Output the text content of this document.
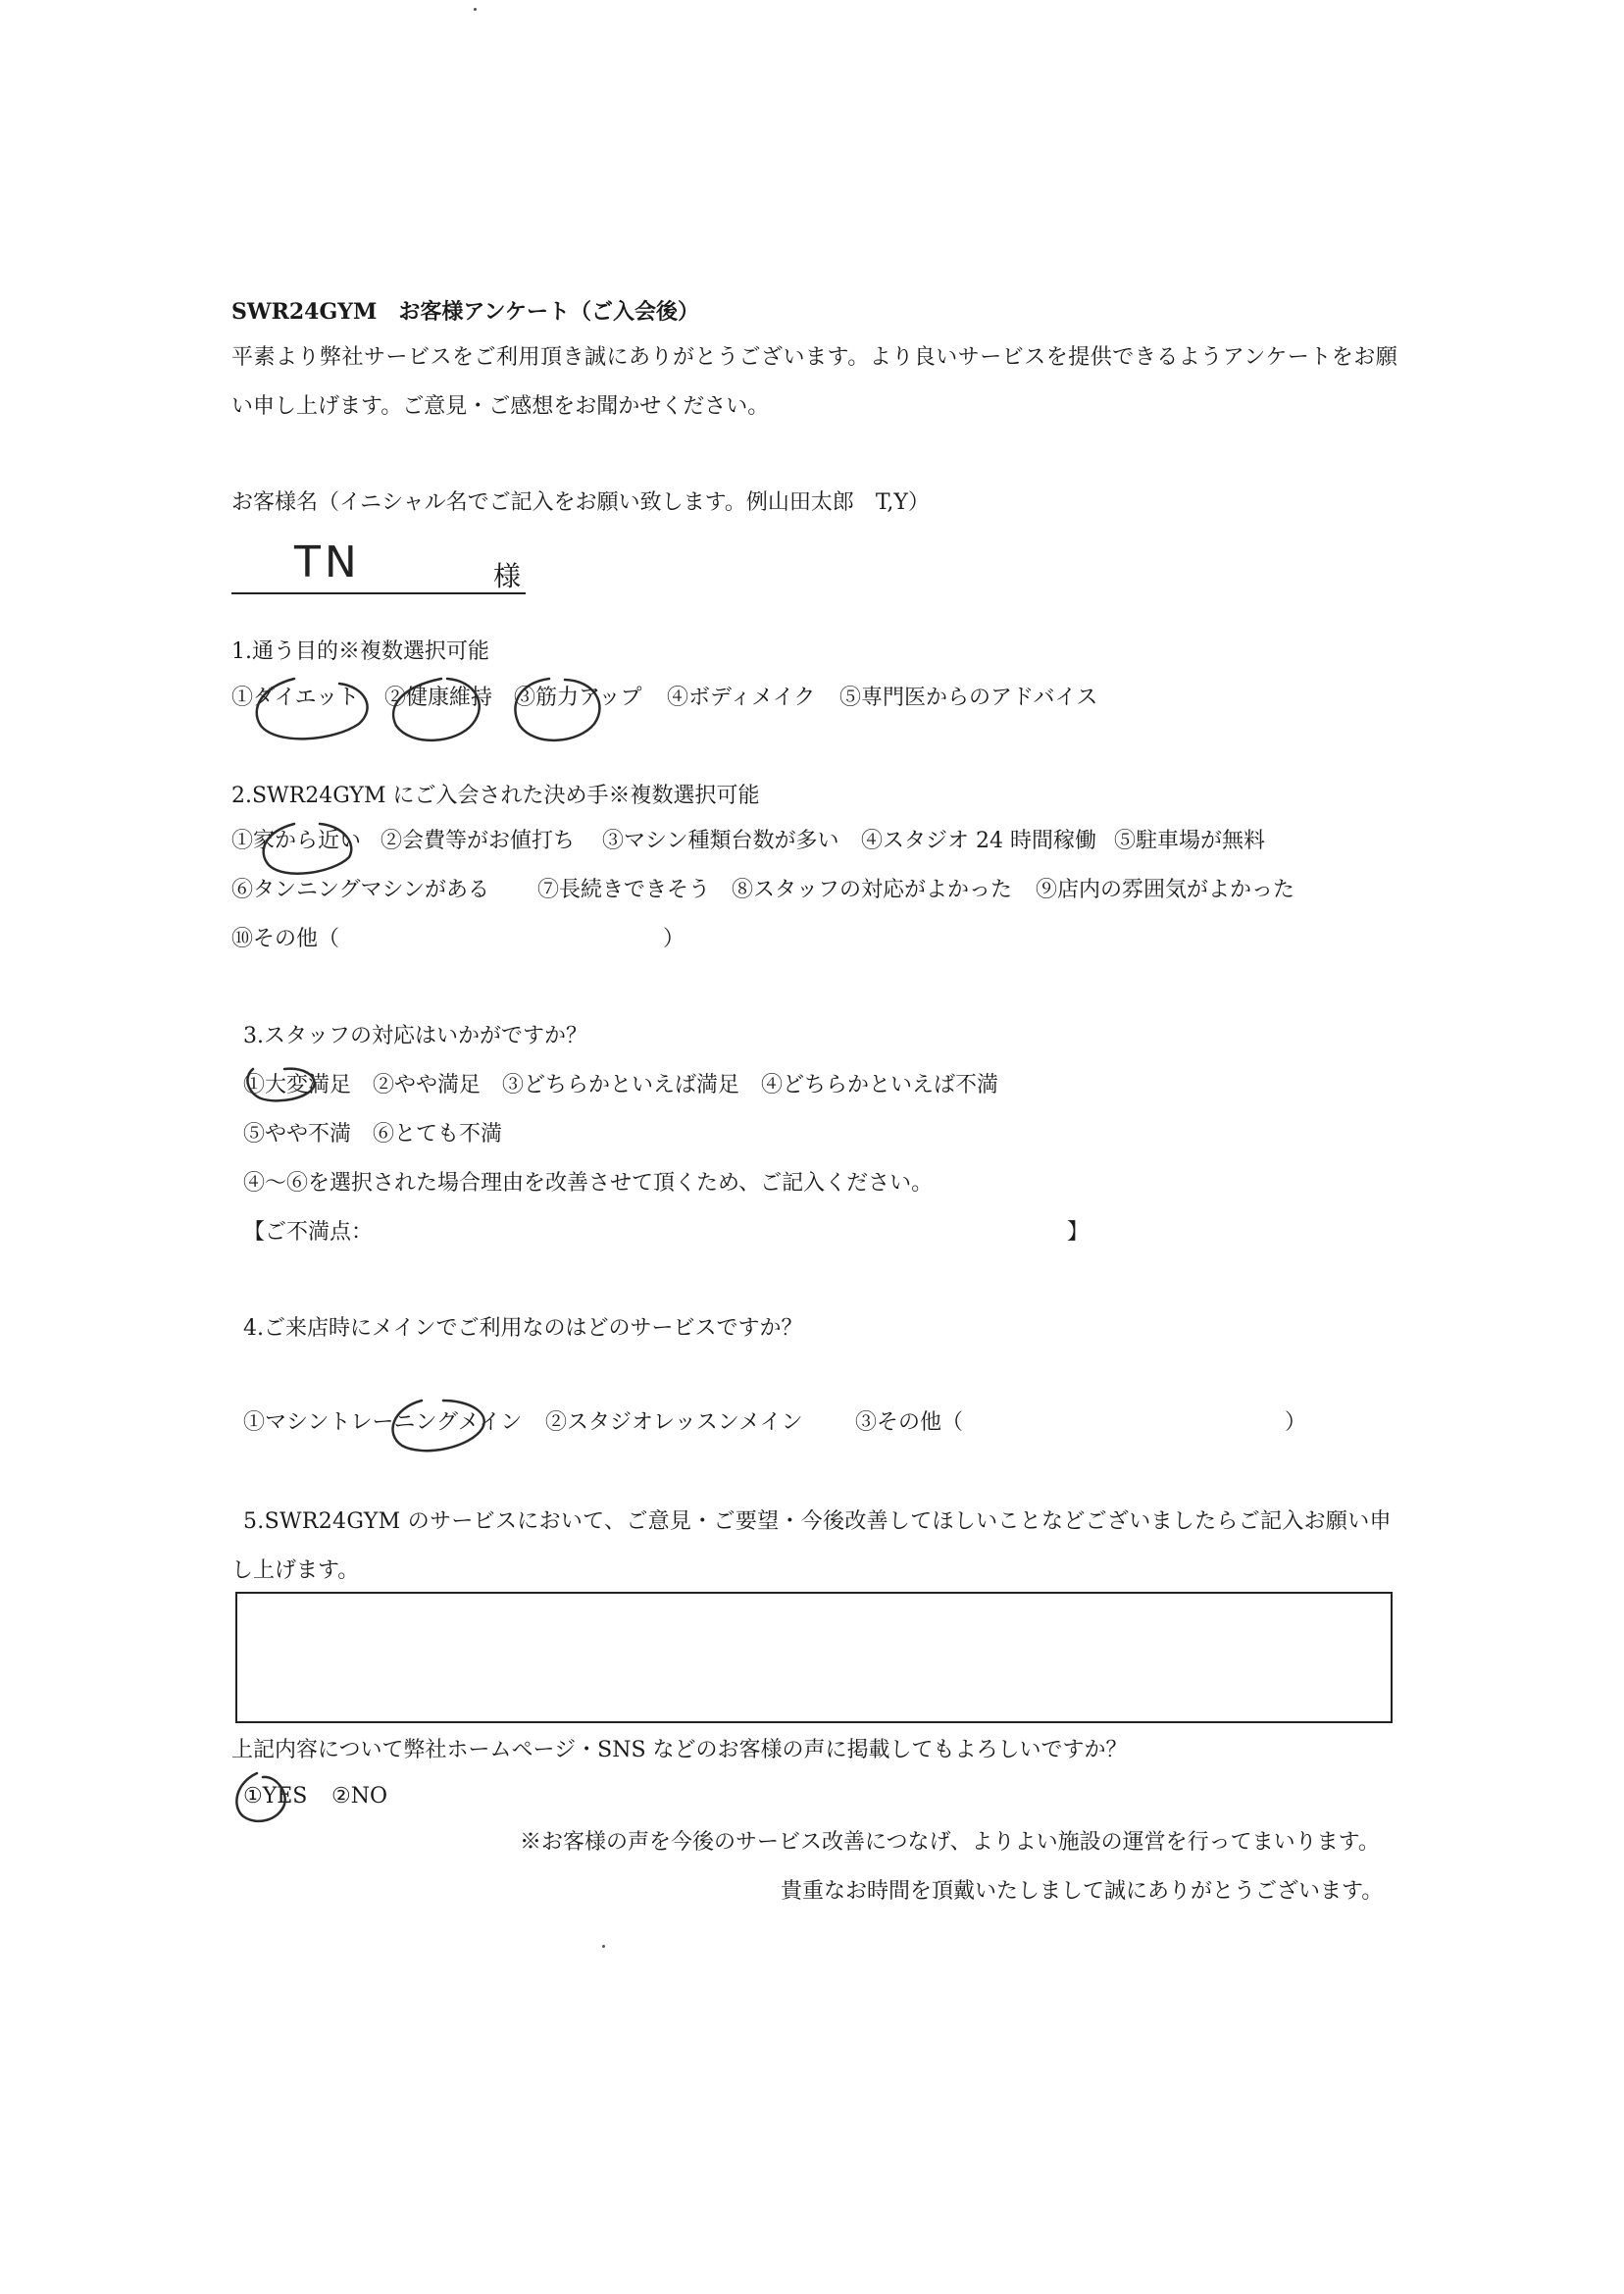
SWR24GYM　お客様アンケート（ご入会後）
平素より弊社サービスをご利用頂き誠にありがとうございます。より良いサービスを提供できるようアンケートをお願
い申し上げます。ご意見・ご感想をお聞かせください。
お客様名（イニシャル名でご記入をお願い致します。例山田太郎　T,Y）
TN	様
1.通う目的※複数選択可能
①ダイエット ②健康維持 ③筋力アップ ④ボディメイク ⑤専門医からのアドバイス
2.SWR24GYM にご入会された決め手※複数選択可能
①家から近い ②会費等がお値打ち ③マシン種類台数が多い ④スタジオ 24 時間稼働 ⑤駐車場が無料
⑥タンニングマシンがある ⑦長続きできそう ⑧スタッフの対応がよかった ⑨店内の雰囲気がよかった
⑩その他（	）
3.スタッフの対応はいかがですか？
①大変満足 ②やや満足 ③どちらかといえば満足 ④どちらかといえば不満
⑤やや不満 ⑥とても不満
④～⑥を選択された場合理由を改善させて頂くため、ご記入ください。
【ご不満点：	】
4.ご来店時にメインでご利用なのはどのサービスですか？
①マシントレーニングメイン ②スタジオレッスンメイン ③その他（	）
5.SWR24GYM のサービスにおいて、ご意見・ご要望・今後改善してほしいことなどございましたらご記入お願い申
し上げます。
上記内容について弊社ホームページ・SNS などのお客様の声に掲載してもよろしいですか？
①YES ②NO
※お客様の声を今後のサービス改善につなげ、よりよい施設の運営を行ってまいります。
貴重なお時間を頂戴いたしまして誠にありがとうございます。
